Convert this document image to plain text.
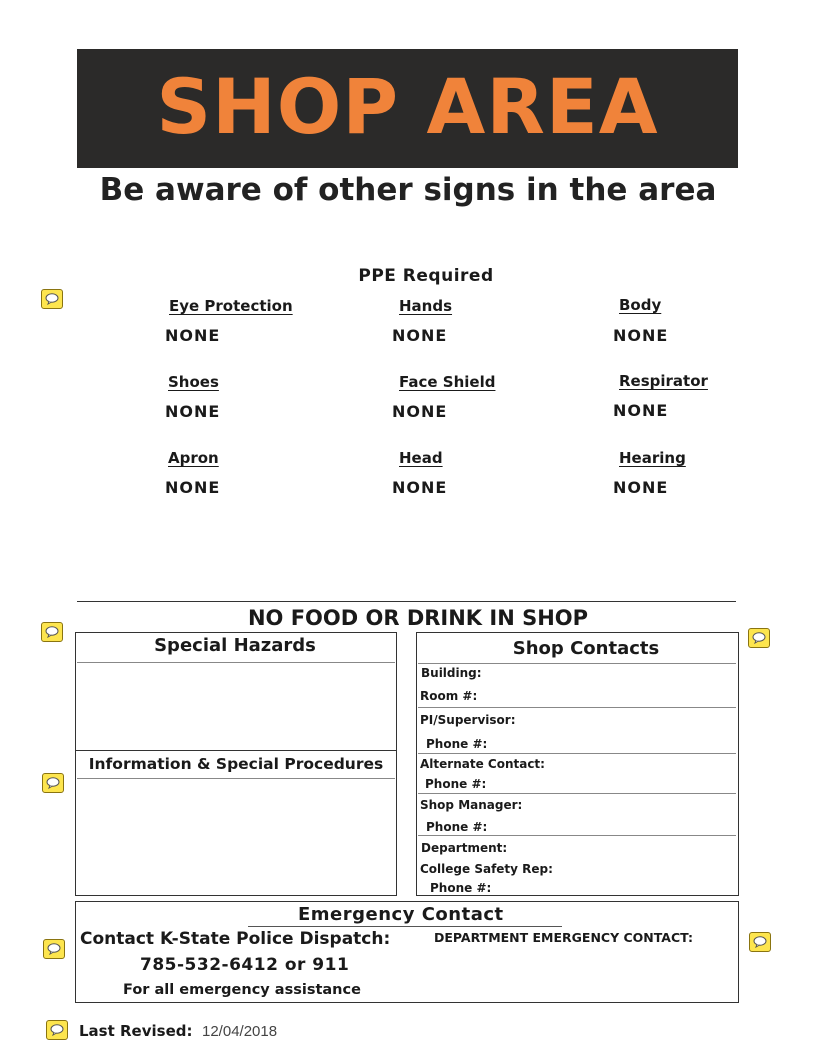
SHOP AREA
Be aware of other signs in the area
PPE Required
Eye Protection
NONE
Hands
NONE
Body
NONE
Shoes
NONE
Face Shield
NONE
Respirator
NONE
Apron
NONE
Head
NONE
Hearing
NONE
NO FOOD OR DRINK IN SHOP
Special Hazards
Information & Special Procedures
Shop Contacts
Building:
Room #:
PI/Supervisor:
Phone #:
Alternate Contact:
Phone #:
Shop Manager:
Phone #:
Department:
College Safety Rep:
Phone #:
Emergency Contact
Contact K-State Police Dispatch:
785-532-6412 or 911
For all emergency assistance
DEPARTMENT EMERGENCY CONTACT:
Last Revised: 12/04/2018
